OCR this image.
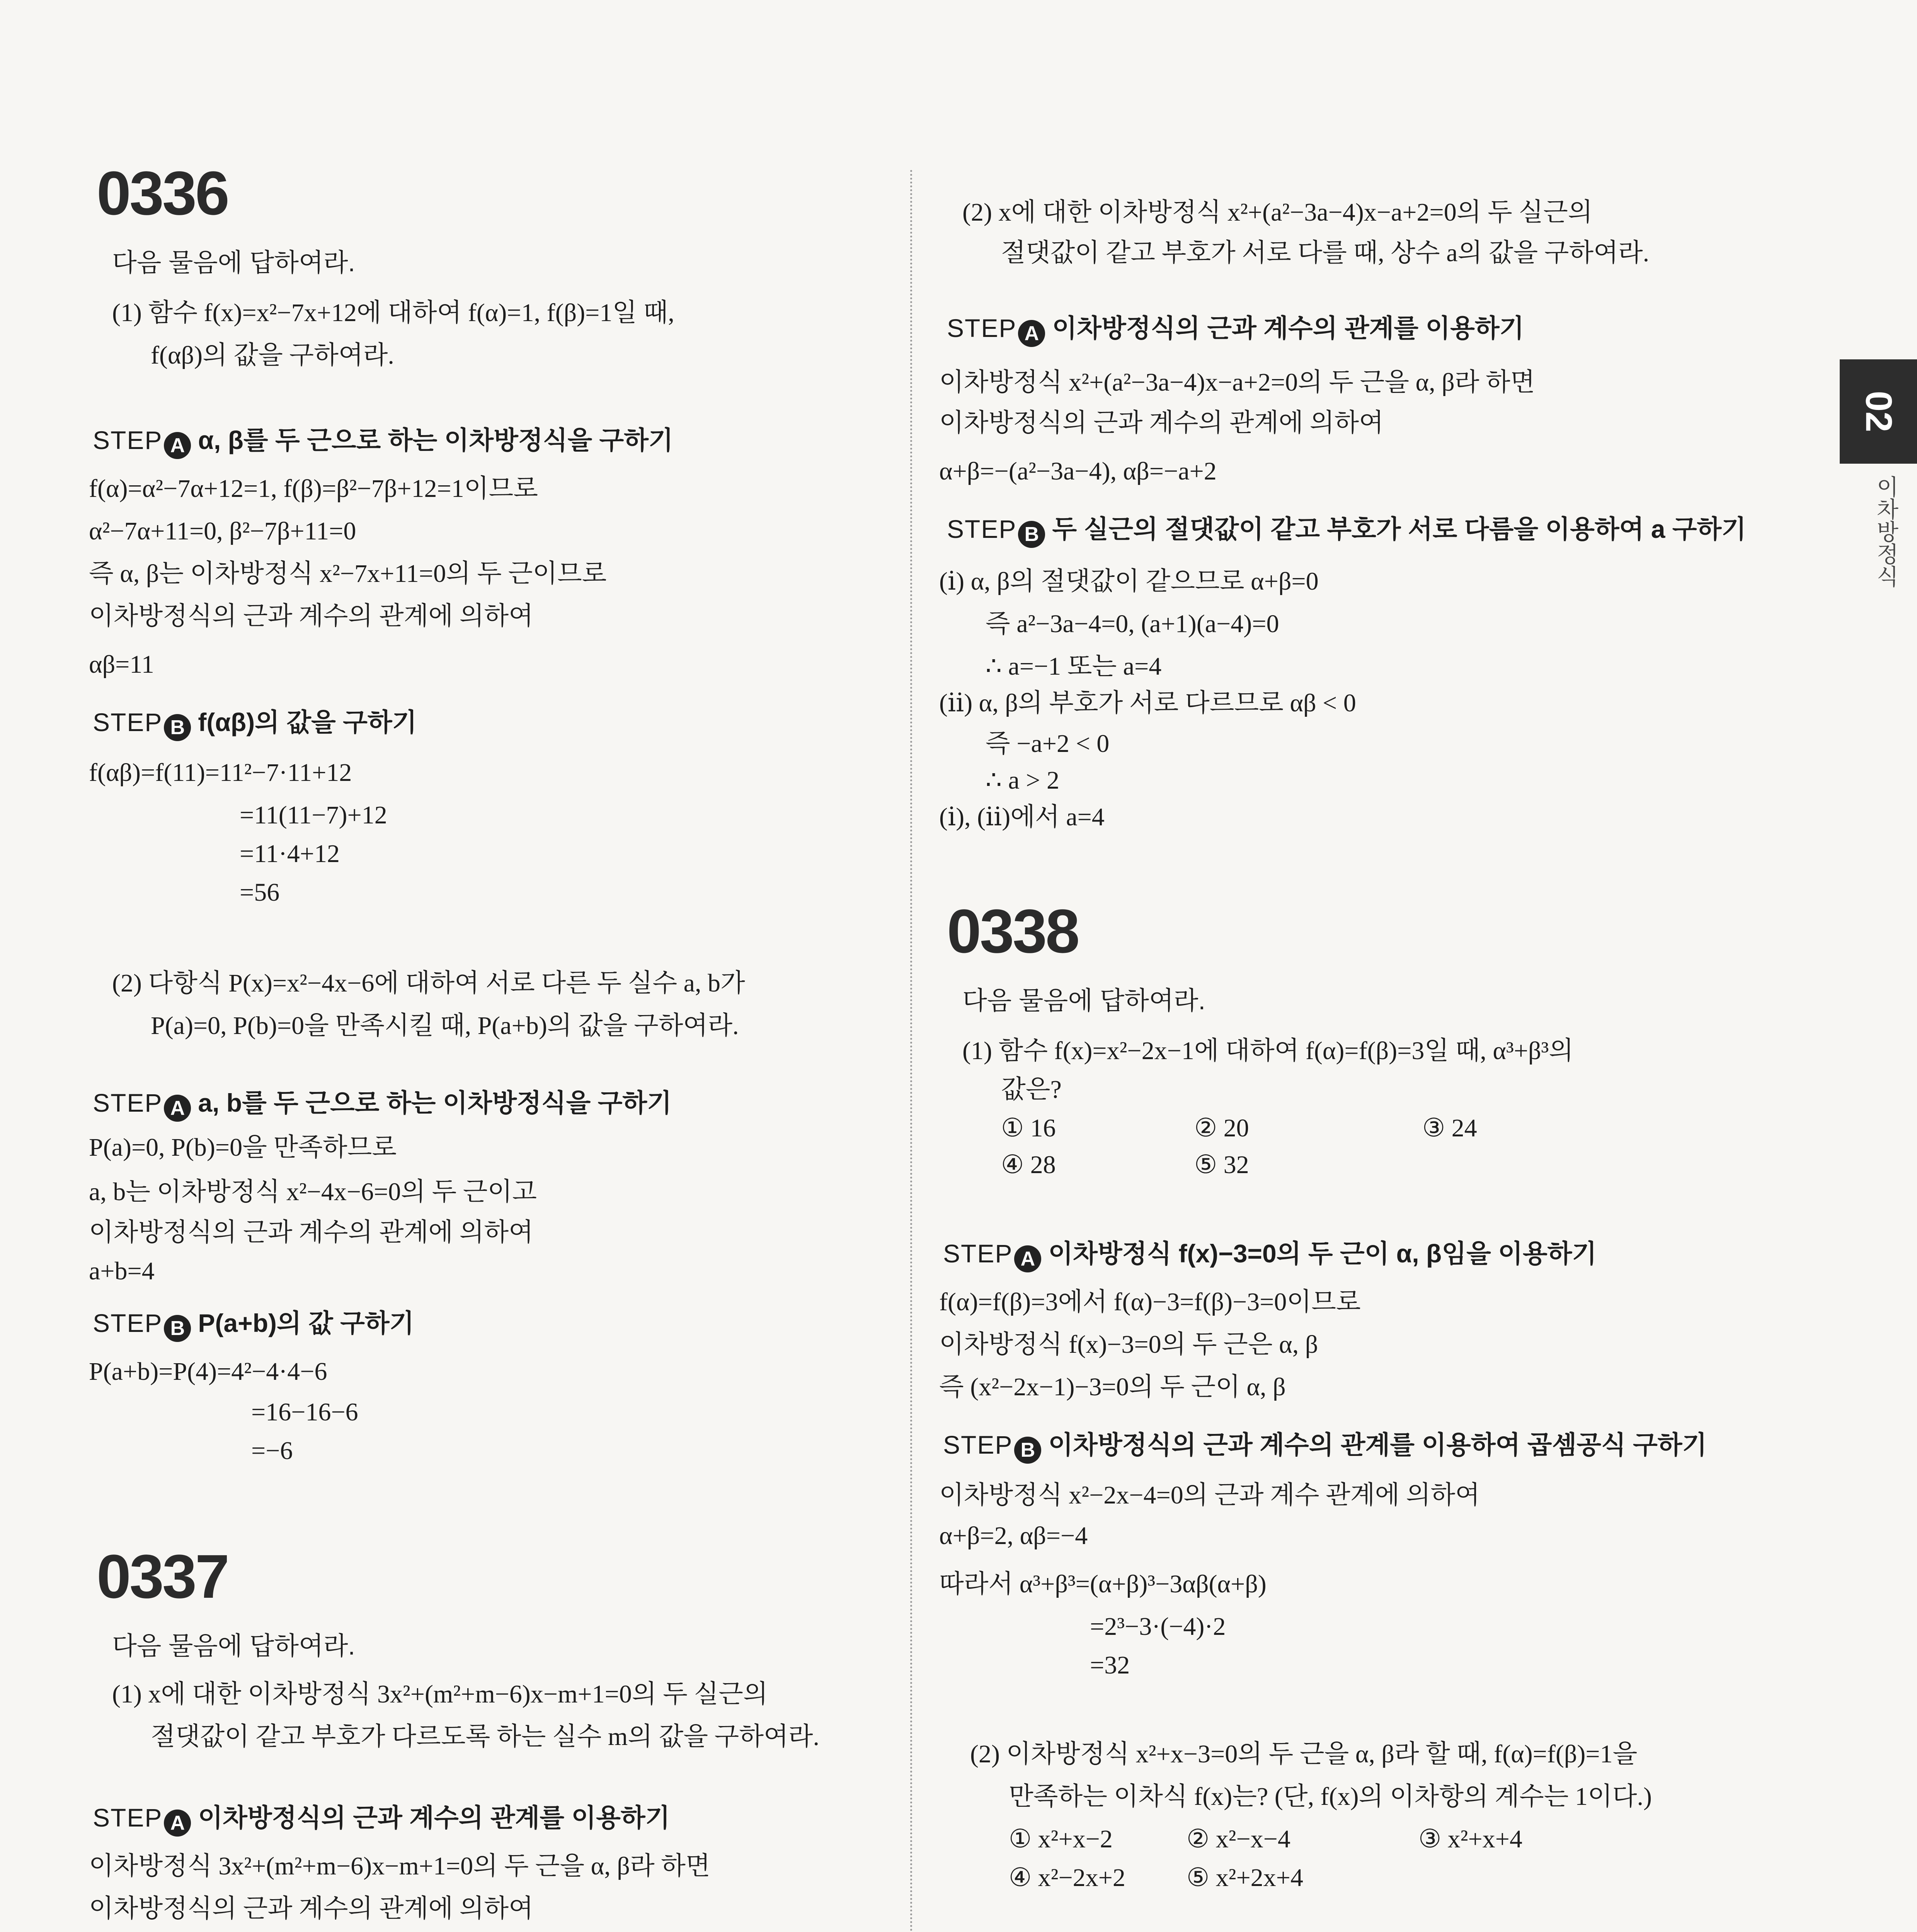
0336
다음 물음에 답하여라.
(1) 함수 f(x)=x²−7x+12에 대하여 f(α)=1, f(β)=1일 때,
f(αβ)의 값을 구하여라.
STEP A α, β를 두 근으로 하는 이차방정식을 구하기
f(α)=α²−7α+12=1, f(β)=β²−7β+12=1이므로
α²−7α+11=0, β²−7β+11=0
즉 α, β는 이차방정식 x²−7x+11=0의 두 근이므로
이차방정식의 근과 계수의 관계에 의하여
αβ=11
STEP B f(αβ)의 값을 구하기
f(αβ)=f(11)=11²−7·11+12
=11(11−7)+12
=11·4+12
=56
(2) 다항식 P(x)=x²−4x−6에 대하여 서로 다른 두 실수 a, b가
P(a)=0, P(b)=0을 만족시킬 때, P(a+b)의 값을 구하여라.
STEP A a, b를 두 근으로 하는 이차방정식을 구하기
P(a)=0, P(b)=0을 만족하므로
a, b는 이차방정식 x²−4x−6=0의 두 근이고
이차방정식의 근과 계수의 관계에 의하여
a+b=4
STEP B P(a+b)의 값 구하기
P(a+b)=P(4)=4²−4·4−6
=16−16−6
=−6
0337
다음 물음에 답하여라.
(1) x에 대한 이차방정식 3x²+(m²+m−6)x−m+1=0의 두 실근의
절댓값이 같고 부호가 다르도록 하는 실수 m의 값을 구하여라.
STEP A 이차방정식의 근과 계수의 관계를 이용하기
이차방정식 3x²+(m²+m−6)x−m+1=0의 두 근을 α, β라 하면
이차방정식의 근과 계수의 관계에 의하여
(2) x에 대한 이차방정식 x²+(a²−3a−4)x−a+2=0의 두 실근의
절댓값이 같고 부호가 서로 다를 때, 상수 a의 값을 구하여라.
STEP A 이차방정식의 근과 계수의 관계를 이용하기
이차방정식 x²+(a²−3a−4)x−a+2=0의 두 근을 α, β라 하면
이차방정식의 근과 계수의 관계에 의하여
α+β=−(a²−3a−4), αβ=−a+2
STEP B 두 실근의 절댓값이 같고 부호가 서로 다름을 이용하여 a 구하기
(ⅰ) α, β의 절댓값이 같으므로 α+β=0
즉 a²−3a−4=0, (a+1)(a−4)=0
∴ a=−1 또는 a=4
(ⅱ) α, β의 부호가 서로 다르므로 αβ < 0
즉 −a+2 < 0
∴ a > 2
(ⅰ), (ⅱ)에서 a=4
0338
다음 물음에 답하여라.
(1) 함수 f(x)=x²−2x−1에 대하여 f(α)=f(β)=3일 때, α³+β³의
값은?
① 16	② 20	③ 24
④ 28	⑤ 32
STEP A 이차방정식 f(x)−3=0의 두 근이 α, β임을 이용하기
f(α)=f(β)=3에서 f(α)−3=f(β)−3=0이므로
이차방정식 f(x)−3=0의 두 근은 α, β
즉 (x²−2x−1)−3=0의 두 근이 α, β
STEP B 이차방정식의 근과 계수의 관계를 이용하여 곱셈공식 구하기
이차방정식 x²−2x−4=0의 근과 계수 관계에 의하여
α+β=2, αβ=−4
따라서 α³+β³=(α+β)³−3αβ(α+β)
=2³−3·(−4)·2
=32
(2) 이차방정식 x²+x−3=0의 두 근을 α, β라 할 때, f(α)=f(β)=1을
만족하는 이차식 f(x)는? (단, f(x)의 이차항의 계수는 1이다.)
① x²+x−2	② x²−x−4	③ x²+x+4
④ x²−2x+2 ⑤ x²+2x+4
02
이차방정식
